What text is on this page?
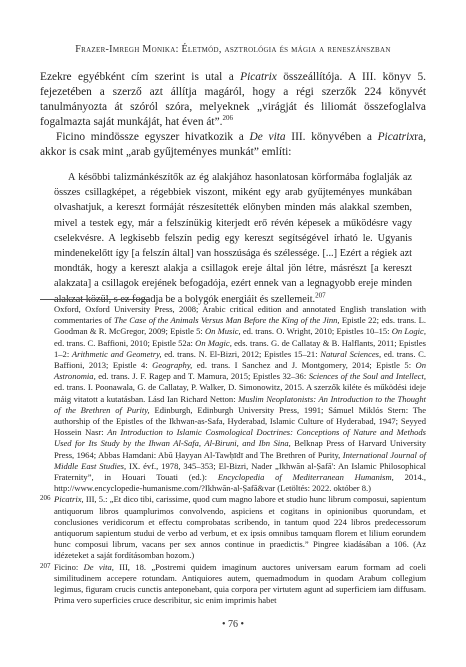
Frazer-Imregh Monika: Életmód, asztrológia és mágia a reneszánszban

Ezekre egyébként cím szerint is utal a Picatrix összeállítója. A III. könyv 5. fejezetében a szerző azt állítja magáról, hogy a régi szerzők 224 könyvét tanulmányozta át szóról szóra, melyeknek „virágját és liliomát összefoglalva fogalmazta saját munkáját, hat éven át”.$^{206}$

Ficino mindössze egyszer hivatkozik a De vita III. könyvében a Picatrixra, akkor is csak mint „arab gyűjteményes munkát” említi:

A későbbi talizmánkészítők az ég alakjához hasonlatosan körformába foglalják az összes csillagképet, a régebbiek viszont, miként egy arab gyűjteményes munkában olvashatjuk, a kereszt formáját részesítették előnyben minden más alakkal szemben, mivel a testek egy, már a felszínükig kiterjedt erő révén képesek a működésre vagy cselekvésre. A legkisebb felszín pedig egy kereszt segítségével írható le. Ugyanis mindenekelőtt így [a felszín által] van hosszúsága és szélessége. [...] Ezért a régiek azt mondták, hogy a kereszt alakja a csillagok ereje által jön létre, másrészt [a kereszt alakzata] a csillagok erejének befogadója, ezért ennek van a legnagyobb ereje minden alakzat közül, s ez fogadja be a bolygók energiáit és szellemeit.$^{207}$

Oxford, Oxford University Press, 2008; Arabic critical edition and annotated English translation with commentaries of The Case of the Animals Versus Man Before the King of the Jinn, Epistle 22; eds. trans. L. Goodman & R. McGregor, 2009; Epistle 5: On Music, ed. trans. O. Wright, 2010; Epistles 10–15: On Logic, ed. trans. C. Baffioni, 2010; Epistle 52a: On Magic, eds. trans. G. de Callatay & B. Halflants, 2011; Epistles 1–2: Arithmetic and Geometry, ed. trans. N. El-Bizri, 2012; Epistles 15–21: Natural Sciences, ed. trans. C. Baffioni, 2013; Epistle 4: Geography, ed. trans. I Sanchez and J. Montgomery, 2014; Epistle 5: On Astronomia, ed. trans. J. F. Ragep and T. Mamura, 2015; Epistles 32–36: Sciences of the Soul and Intellect, ed. trans. I. Poonawala, G. de Callatay, P. Walker, D. Simonowitz, 2015. A szerzők kiléte és működési ideje máig vitatott a kutatásban. Lásd Ian Richard Netton: Muslim Neoplatonists: An Introduction to the Thought of the Brethren of Purity, Edinburgh, Edinburgh University Press, 1991; Sámuel Miklós Stern: The authorship of the Epistles of the Ikhwan-as-Safa, Hyderabad, Islamic Culture of Hyderabad, 1947; Seyyed Hossein Nasr: An Introduction to Islamic Cosmological Doctrines: Conceptions of Nature and Methods Used for Its Study by the Ihwan Al-Safa, Al-Biruni, and Ibn Sina, Belknap Press of Harvard University Press, 1964; Abbas Hamdani: Abū Ḥayyan Al-Tawḥīdī and The Brethren of Purity, International Journal of Middle East Studies, IX. évf., 1978, 345–353; El-Bizri, Nader „Ikhwān al-Ṣafā': An Islamic Philosophical Fraternity”, in Houari Touati (ed.): Encyclopedia of Mediterranean Humanism, 2014., http://www.encyclopedie-humanisme.com/?Ikhwān-al-Ṣafā&var (Letöltés: 2022. október 8.)

206 Picatrix, III, 5.: „Et dico tibi, carissime, quod cum magno labore et studio hunc librum composui, sapientum antiquorum libros quamplurimos convolvendo, aspiciens et cogitans in opinionibus quorundam, et conclusiones veridicorum et effectu comprobatas scribendo, in tantum quod 224 libros predecessorum antiquorum sapientum studui de verbo ad verbum, et ex ipsis omnibus tamquam florem et lilium eorundem hunc composui librum, vacans per sex annos continue in praedictis.” Pingree kiadásában a 106. (Az idézeteket a saját fordításomban hozom.)

207 Ficino: De vita, III, 18. „Postremi quidem imaginum auctores universam earum formam ad coeli similitudinem accepere rotundam. Antiquiores autem, quemadmodum in quodam Arabum collegium legimus, figuram crucis cunctis anteponebant, quia corpora per virtutem agunt ad superficiem iam diffusam. Prima vero superficies cruce describitur, sic enim imprimis habet

• 76 •
